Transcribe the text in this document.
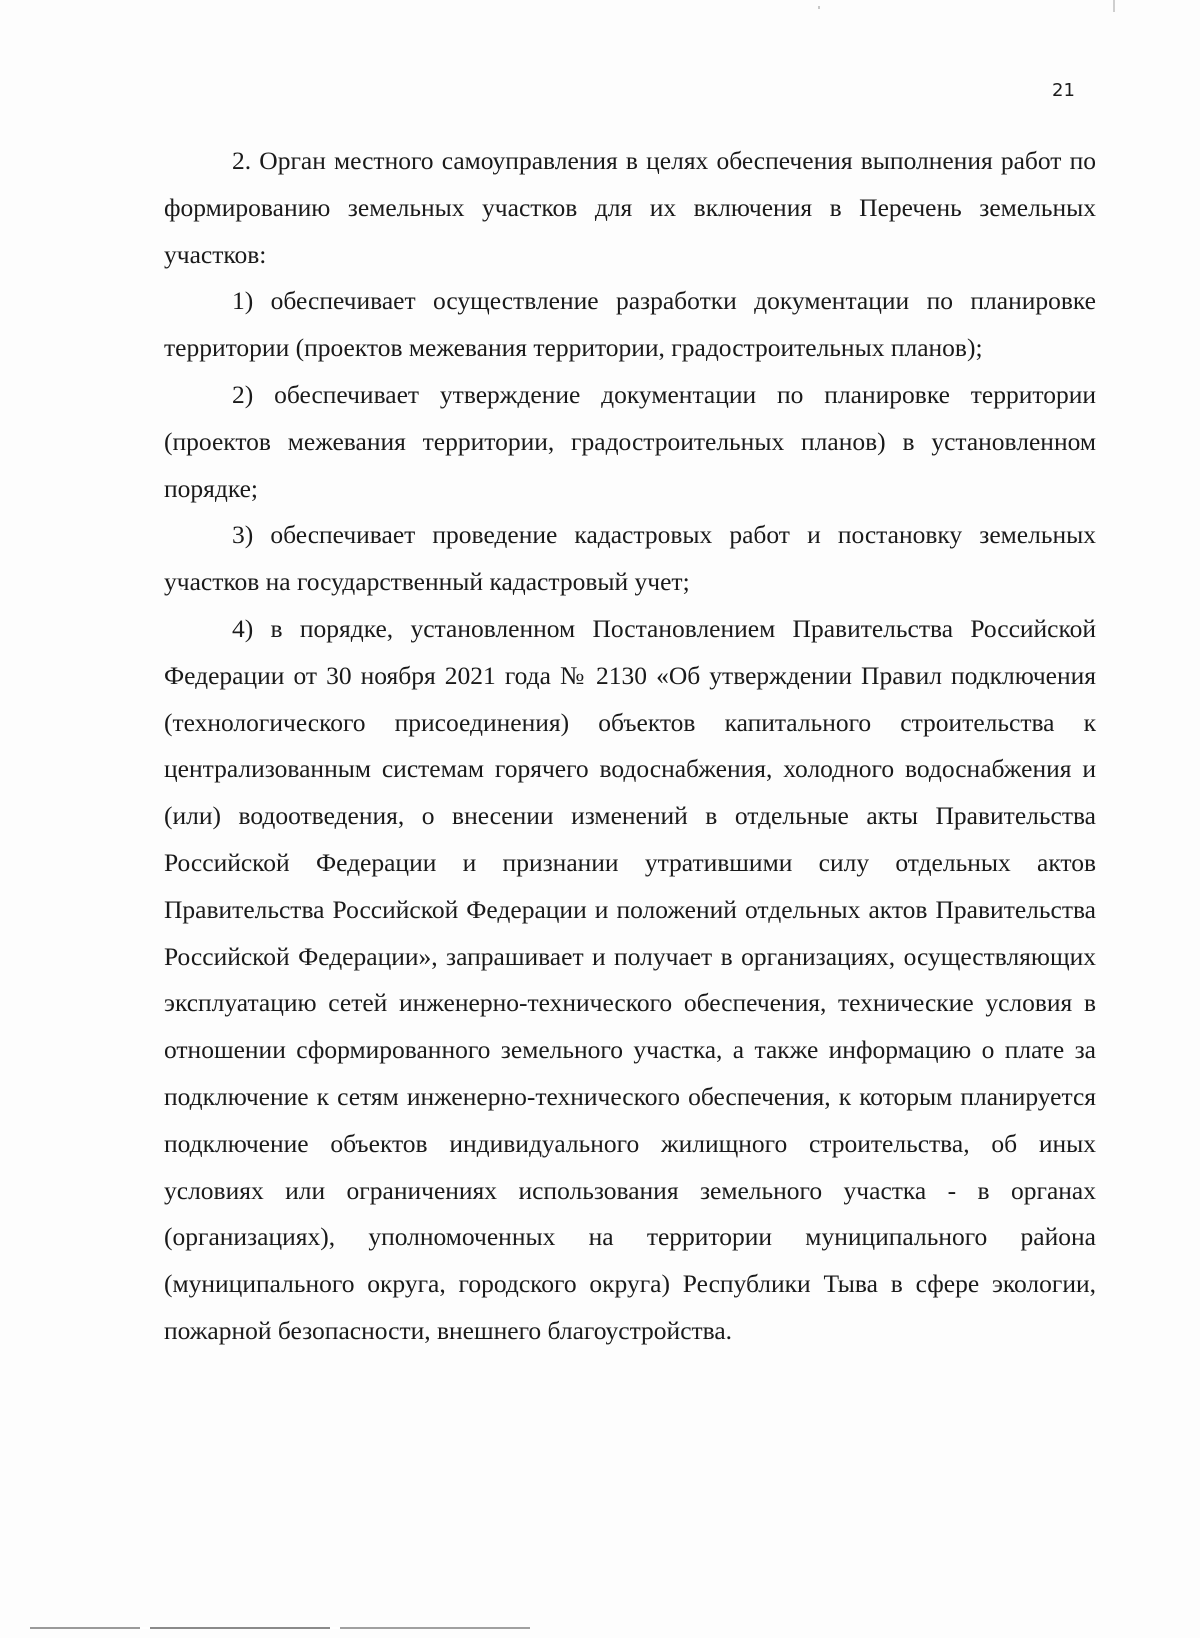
21

2. Орган местного самоуправления в целях обеспечения выполнения работ по формированию земельных участков для их включения в Перечень земельных участков:

1) обеспечивает осуществление разработки документации по планировке территории (проектов межевания территории, градостроительных планов);

2) обеспечивает утверждение документации по планировке территории (проектов межевания территории, градостроительных планов) в установленном порядке;

3) обеспечивает проведение кадастровых работ и постановку земельных участков на государственный кадастровый учет;

4) в порядке, установленном Постановлением Правительства Российской Федерации от 30 ноября 2021 года № 2130 «Об утверждении Правил подключения (технологического присоединения) объектов капитального строительства к централизованным системам горячего водоснабжения, холодного водоснабжения и (или) водоотведения, о внесении изменений в отдельные акты Правительства Российской Федерации и признании утратившими силу отдельных актов Правительства Российской Федерации и положений отдельных актов Правительства Российской Федерации», запрашивает и получает в организациях, осуществляющих эксплуатацию сетей инженерно-технического обеспечения, технические условия в отношении сформированного земельного участка, а также информацию о плате за подключение к сетям инженерно-технического обеспечения, к которым планируется подключение объектов индивидуального жилищного строительства, об иных условиях или ограничениях использования земельного участка - в органах (организациях), уполномоченных на территории муниципального района (муниципального округа, городского округа) Республики Тыва в сфере экологии, пожарной безопасности, внешнего благоустройства.
